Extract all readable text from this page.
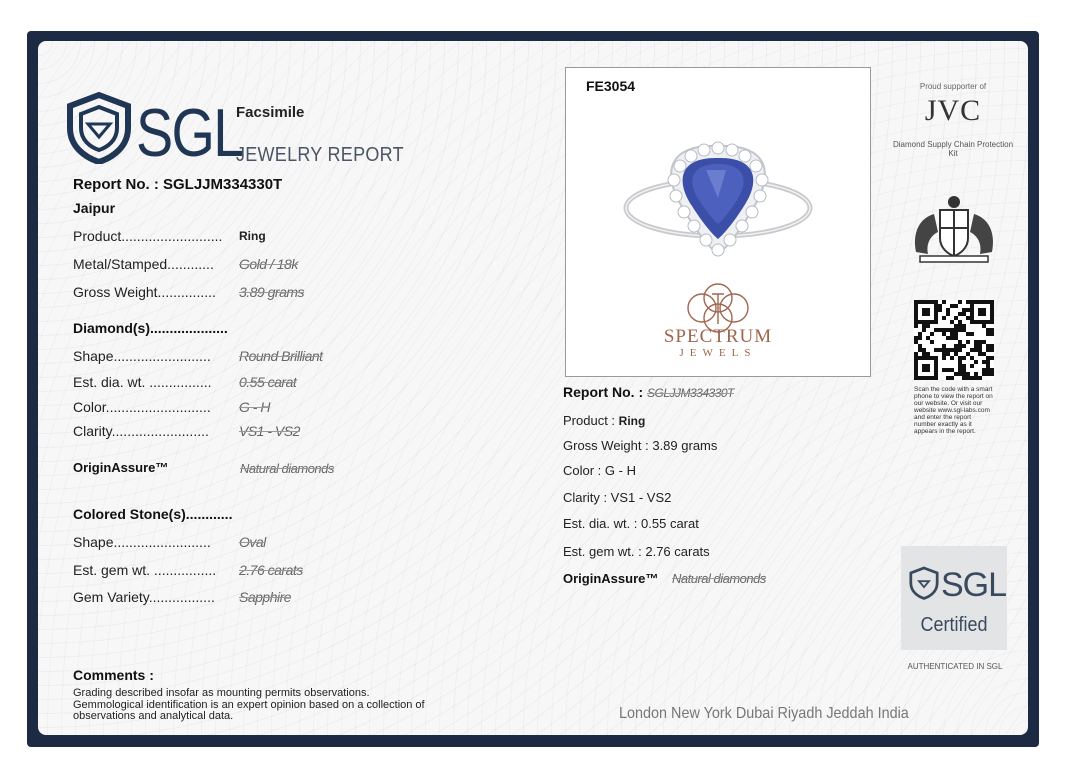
SGL
Facsimile
JEWELRY REPORT
Report No. : SGLJJM334330T
Jaipur
Product.......................... Ring
Metal/Stamped............ Gold / 18k
Gross Weight............... 3.89 grams
Diamond(s)....................
Shape......................... Round Brilliant
Est. dia. wt. ................ 0.55 carat
Color........................... G - H
Clarity......................... VS1 - VS2
OriginAssure™	Natural diamonds
Colored Stone(s)............
Shape......................... Oval
Est. gem wt. ................ 2.76 carats
Gem Variety................. Sapphire
FE3054
SPECTRUM
JEWELS
Report No. : SGLJJM334330T
Product : Ring
Gross Weight : 3.89 grams
Color : G - H
Clarity : VS1 - VS2
Est. dia. wt. : 0.55 carat
Est. gem wt. : 2.76 carats
OriginAssure™ Natural diamonds
Proud supporter of
JVC
Diamond Supply Chain Protection Kit
Scan the code with a smart phone to view the report on our website. Or visit our website www.sgl-labs.com and enter the report number exactly as it appears in the report.
SGL
Certified
AUTHENTICATED IN SGL
Comments :
Grading described insofar as mounting permits observations. Gemmological identification is an expert opinion based on a collection of observations and analytical data.	London New York Dubai Riyadh Jeddah India
